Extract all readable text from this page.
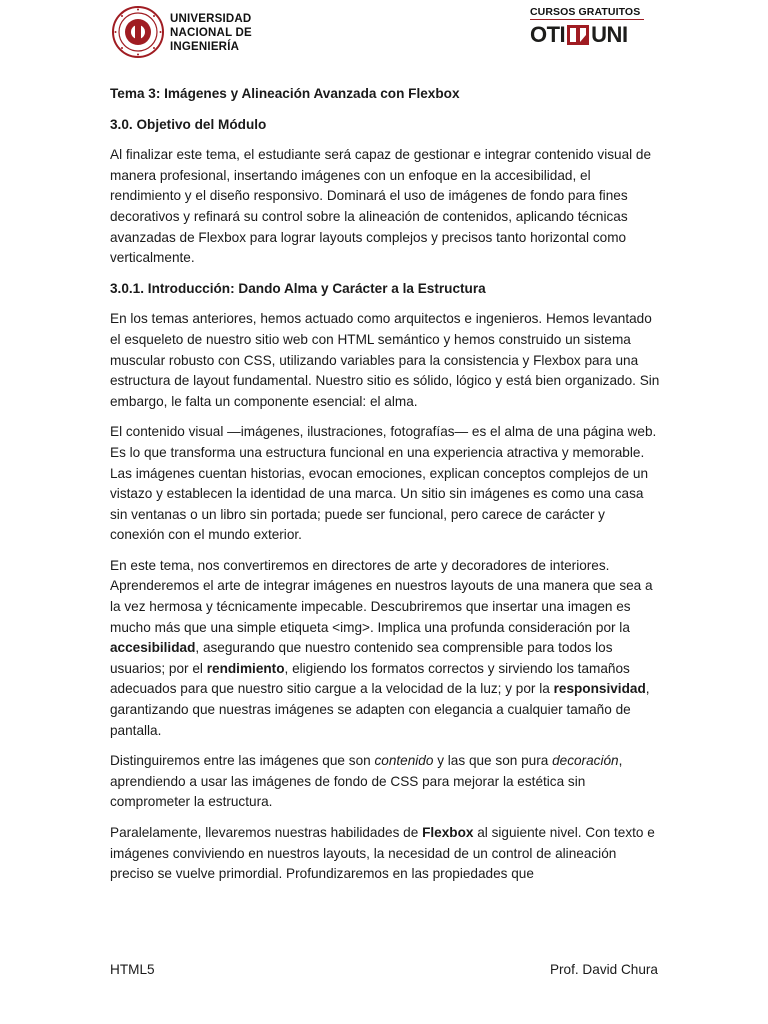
UNIVERSIDAD
NACIONAL DE
INGENIERÍA
CURSOS GRATUITOS
OTI UNI

Tema 3: Imágenes y Alineación Avanzada con Flexbox

3.0. Objetivo del Módulo

Al finalizar este tema, el estudiante será capaz de gestionar e integrar contenido visual de manera profesional, insertando imágenes con un enfoque en la accesibilidad, el rendimiento y el diseño responsivo. Dominará el uso de imágenes de fondo para fines decorativos y refinará su control sobre la alineación de contenidos, aplicando técnicas avanzadas de Flexbox para lograr layouts complejos y precisos tanto horizontal como verticalmente.

3.0.1. Introducción: Dando Alma y Carácter a la Estructura

En los temas anteriores, hemos actuado como arquitectos e ingenieros. Hemos levantado el esqueleto de nuestro sitio web con HTML semántico y hemos construido un sistema muscular robusto con CSS, utilizando variables para la consistencia y Flexbox para una estructura de layout fundamental. Nuestro sitio es sólido, lógico y está bien organizado. Sin embargo, le falta un componente esencial: el alma.

El contenido visual —imágenes, ilustraciones, fotografías— es el alma de una página web. Es lo que transforma una estructura funcional en una experiencia atractiva y memorable. Las imágenes cuentan historias, evocan emociones, explican conceptos complejos de un vistazo y establecen la identidad de una marca. Un sitio sin imágenes es como una casa sin ventanas o un libro sin portada; puede ser funcional, pero carece de carácter y conexión con el mundo exterior.

En este tema, nos convertiremos en directores de arte y decoradores de interiores. Aprenderemos el arte de integrar imágenes en nuestros layouts de una manera que sea a la vez hermosa y técnicamente impecable. Descubriremos que insertar una imagen es mucho más que una simple etiqueta <img>. Implica una profunda consideración por la accesibilidad, asegurando que nuestro contenido sea comprensible para todos los usuarios; por el rendimiento, eligiendo los formatos correctos y sirviendo los tamaños adecuados para que nuestro sitio cargue a la velocidad de la luz; y por la responsividad, garantizando que nuestras imágenes se adapten con elegancia a cualquier tamaño de pantalla.

Distinguiremos entre las imágenes que son contenido y las que son pura decoración, aprendiendo a usar las imágenes de fondo de CSS para mejorar la estética sin comprometer la estructura.

Paralelamente, llevaremos nuestras habilidades de Flexbox al siguiente nivel. Con texto e imágenes conviviendo en nuestros layouts, la necesidad de un control de alineación preciso se vuelve primordial. Profundizaremos en las propiedades que

HTML5	Prof. David Chura
